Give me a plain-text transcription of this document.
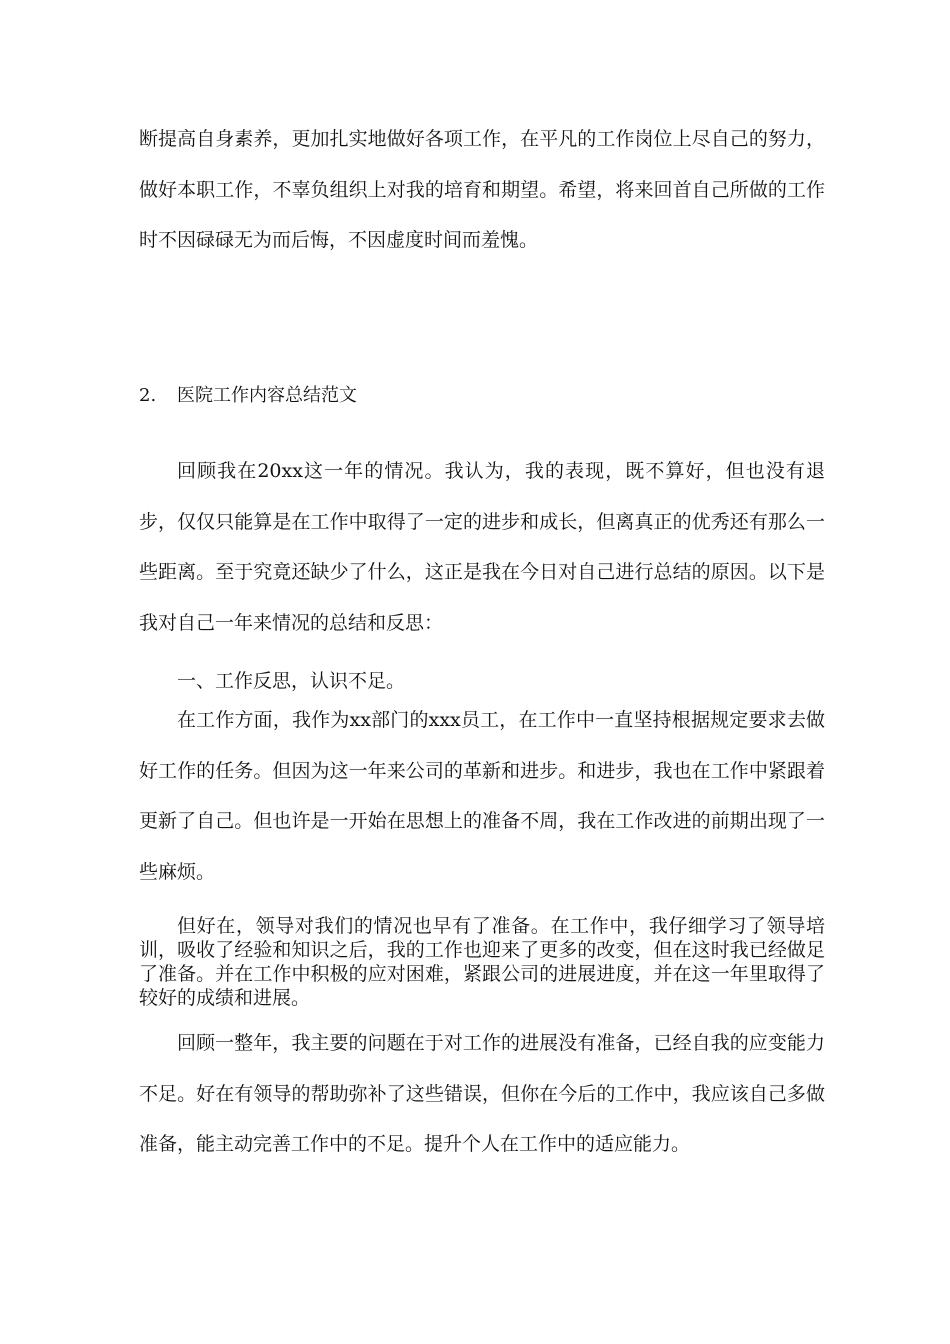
断提高自身素养，更加扎实地做好各项工作，在平凡的工作岗位上尽自己的努力，做好本职工作，不辜负组织上对我的培育和期望。希望，将来回首自己所做的工作时不因碌碌无为而后悔，不因虚度时间而羞愧。

2. 医院工作内容总结范文

回顾我在20xx这一年的情况。我认为，我的表现，既不算好，但也没有退步，仅仅只能算是在工作中取得了一定的进步和成长，但离真正的优秀还有那么一些距离。至于究竟还缺少了什么，这正是我在今日对自己进行总结的原因。以下是我对自己一年来情况的总结和反思：

一、工作反思，认识不足。

在工作方面，我作为xx部门的xxx员工，在工作中一直坚持根据规定要求去做好工作的任务。但因为这一年来公司的革新和进步。和进步，我也在工作中紧跟着更新了自己。但也许是一开始在思想上的准备不周，我在工作改进的前期出现了一些麻烦。

但好在，领导对我们的情况也早有了准备。在工作中，我仔细学习了领导培训，吸收了经验和知识之后，我的工作也迎来了更多的改变，但在这时我已经做足了准备。并在工作中积极的应对困难，紧跟公司的进展进度，并在这一年里取得了较好的成绩和进展。

回顾一整年，我主要的问题在于对工作的进展没有准备，已经自我的应变能力不足。好在有领导的帮助弥补了这些错误，但你在今后的工作中，我应该自己多做准备，能主动完善工作中的不足。提升个人在工作中的适应能力。
